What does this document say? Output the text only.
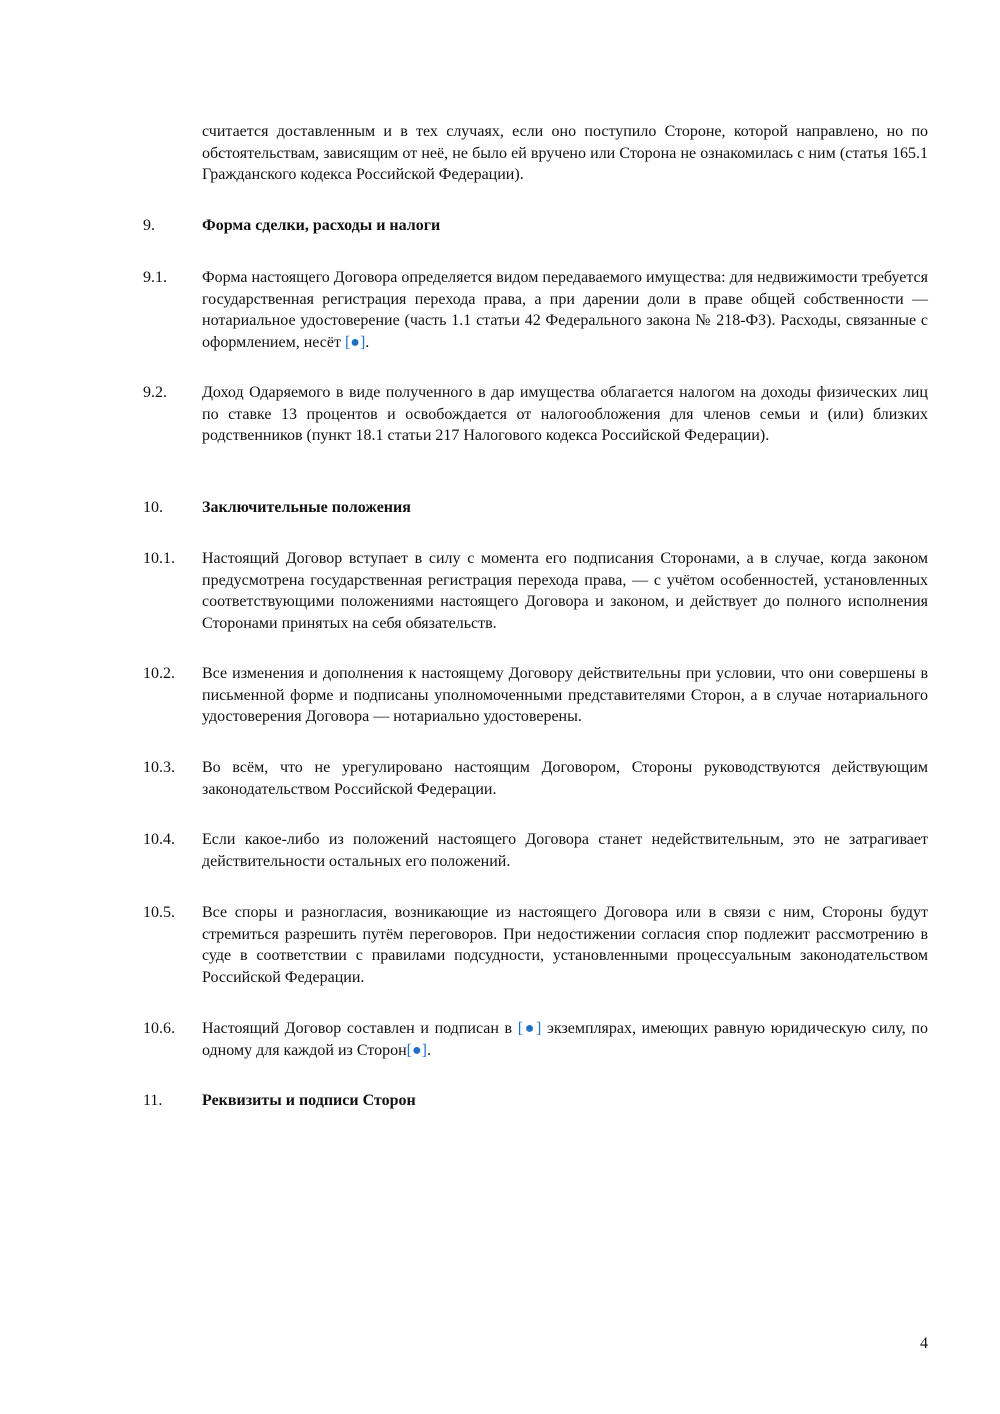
считается доставленным и в тех случаях, если оно поступило Стороне, которой направлено, но по обстоятельствам, зависящим от неё, не было ей вручено или Сторона не ознакомилась с ним (статья 165.1 Гражданского кодекса Российской Федерации).
9.	Форма сделки, расходы и налоги
9.1.	Форма настоящего Договора определяется видом передаваемого имущества: для недвижимости требуется государственная регистрация перехода права, а при дарении доли в праве общей собственности — нотариальное удостоверение (часть 1.1 статьи 42 Федерального закона № 218-ФЗ). Расходы, связанные с оформлением, несёт [●].
9.2.	Доход Одаряемого в виде полученного в дар имущества облагается налогом на доходы физических лиц по ставке 13 процентов и освобождается от налогообложения для членов семьи и (или) близких родственников (пункт 18.1 статьи 217 Налогового кодекса Российской Федерации).
10.	Заключительные положения
10.1.	Настоящий Договор вступает в силу с момента его подписания Сторонами, а в случае, когда законом предусмотрена государственная регистрация перехода права, — с учётом особенностей, установленных соответствующими положениями настоящего Договора и законом, и действует до полного исполнения Сторонами принятых на себя обязательств.
10.2.	Все изменения и дополнения к настоящему Договору действительны при условии, что они совершены в письменной форме и подписаны уполномоченными представителями Сторон, а в случае нотариального удостоверения Договора — нотариально удостоверены.
10.3.	Во всём, что не урегулировано настоящим Договором, Стороны руководствуются действующим законодательством Российской Федерации.
10.4.	Если какое-либо из положений настоящего Договора станет недействительным, это не затрагивает действительности остальных его положений.
10.5.	Все споры и разногласия, возникающие из настоящего Договора или в связи с ним, Стороны будут стремиться разрешить путём переговоров. При недостижении согласия спор подлежит рассмотрению в суде в соответствии с правилами подсудности, установленными процессуальным законодательством Российской Федерации.
10.6.	Настоящий Договор составлен и подписан в [●] экземплярах, имеющих равную юридическую силу, по одному для каждой из Сторон[●].
11.	Реквизиты и подписи Сторон
4
